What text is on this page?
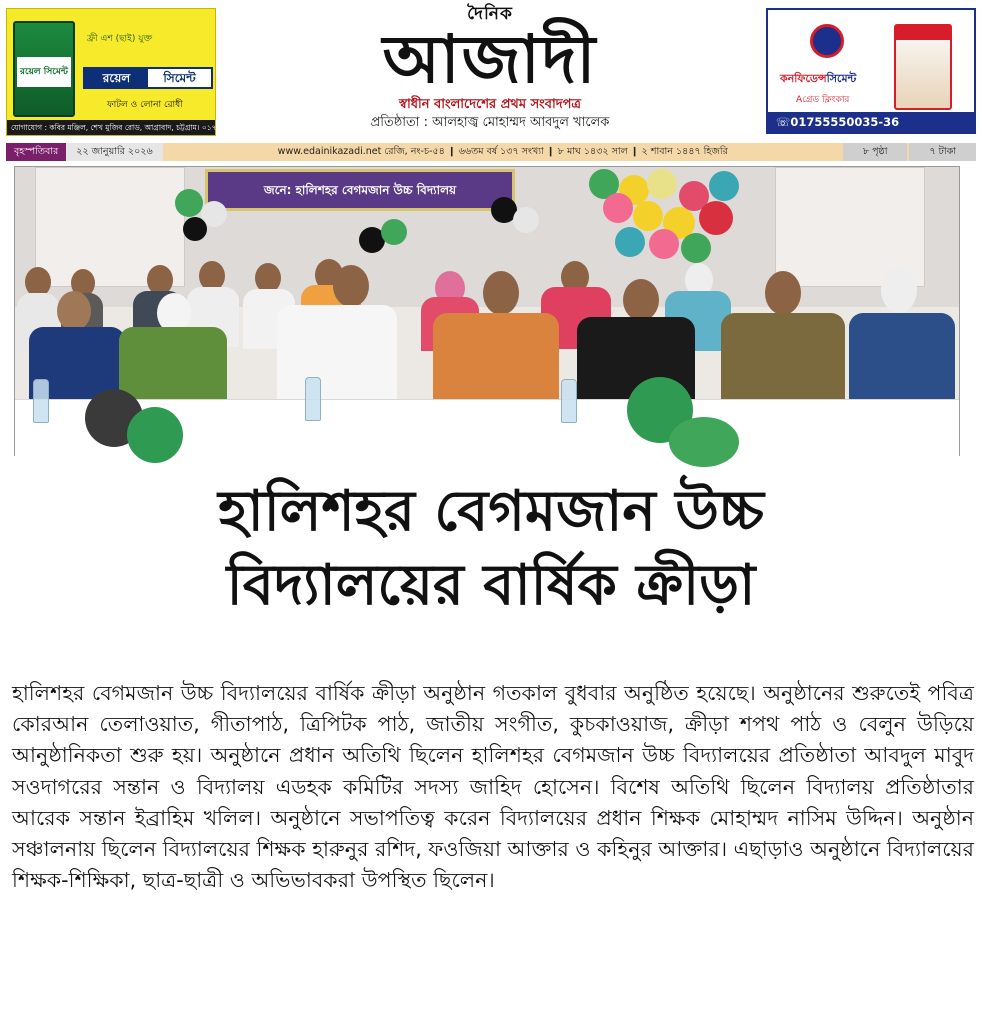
রয়েল সিমেন্ট
ফ্রী এশ (ছাই) যুক্ত
রয়েল	সিমেন্ট
ফাটল ও লোনা রোধী
যোগাযোগ : কবির মঞ্জিল, শেখ মুজিব রোড, আগ্রাবাদ, চট্টগ্রাম। ০১৭০৮-১০৪৭৮
দৈনিক
আজাদী
স্বাধীন বাংলাদেশের প্রথম সংবাদপত্র
প্রতিষ্ঠাতা : আলহাজ্ব মোহাম্মদ আবদুল খালেক
কনফিডেন্সসিমেন্ট
Aগ্রেড ক্লিংকার
☏01755550035-36
বৃহস্পতিবার	২২ জানুয়ারি ২০২৬	www.edainikazadi.net রেজি, নং-চ-৫৪ ❙ ৬৬তম বর্ষ ১৩৭ সংখ্যা ❙ ৮ মাঘ ১৪৩২ সাল ❙ ২ শাবান ১৪৪৭ হিজরি	৮ পৃষ্ঠা	৭ টাকা
জনে: হালিশহর বেগমজান উচ্চ বিদ্যালয়
হালিশহর বেগমজান উচ্চ
বিদ্যালয়ের বার্ষিক ক্রীড়া
হালিশহর বেগমজান উচ্চ বিদ্যালয়ের বার্ষিক ক্রীড়া অনুষ্ঠান গতকাল বুধবার অনুষ্ঠিত হয়েছে। অনুষ্ঠানের শুরুতেই পবিত্র কোরআন তেলাওয়াত, গীতাপাঠ, ত্রিপিটক পাঠ, জাতীয় সংগীত, কুচকাওয়াজ, ক্রীড়া শপথ পাঠ ও বেলুন উড়িয়ে আনুষ্ঠানিকতা শুরু হয়। অনুষ্ঠানে প্রধান অতিথি ছিলেন হালিশহর বেগমজান উচ্চ বিদ্যালয়ের প্রতিষ্ঠাতা আবদুল মাবুদ সওদাগরের সন্তান ও বিদ্যালয় এডহক কমিটির সদস্য জাহিদ হোসেন। বিশেষ অতিথি ছিলেন বিদ্যালয় প্রতিষ্ঠাতার আরেক সন্তান ইব্রাহিম খলিল। অনুষ্ঠানে সভাপতিত্ব করেন বিদ্যালয়ের প্রধান শিক্ষক মোহাম্মদ নাসিম উদ্দিন। অনুষ্ঠান সঞ্চালনায় ছিলেন বিদ্যালয়ের শিক্ষক হারুনুর রশিদ, ফওজিয়া আক্তার ও কহিনুর আক্তার। এছাড়াও অনুষ্ঠানে বিদ্যালয়ের শিক্ষক-শিক্ষিকা, ছাত্র-ছাত্রী ও অভিভাবকরা উপস্থিত ছিলেন।
